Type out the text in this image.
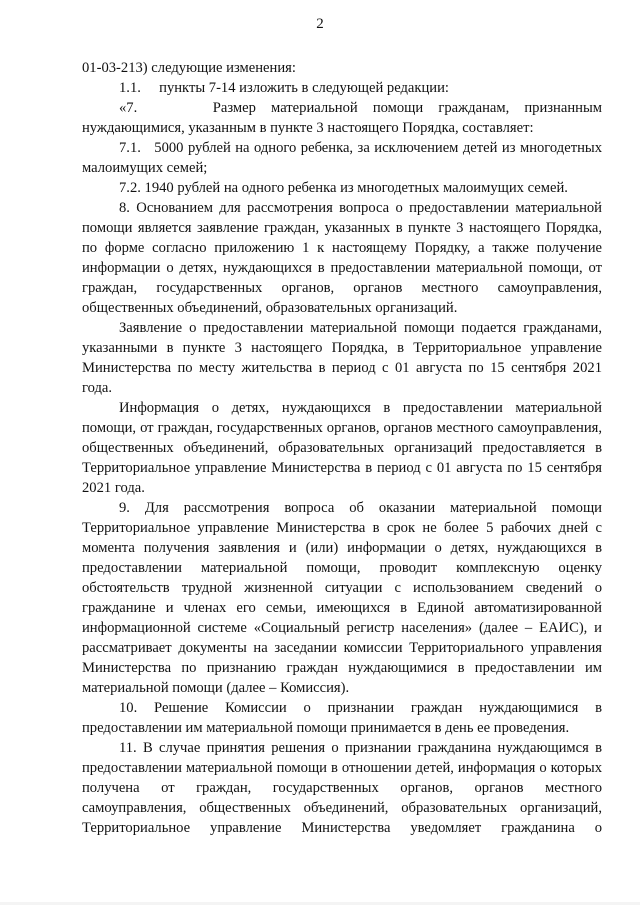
2

01-03-213) следующие изменения:

1.1.     пункты 7-14 изложить в следующей редакции:

«7.     Размер материальной помощи гражданам, признанным нуждающимися, указанным в пункте 3 настоящего Порядка, составляет:

7.1.   5000 рублей на одного ребенка, за исключением детей из многодетных малоимущих семей;

7.2. 1940 рублей на одного ребенка из многодетных малоимущих семей.

8. Основанием для рассмотрения вопроса о предоставлении материальной помощи является заявление граждан, указанных в пункте 3 настоящего Порядка, по форме согласно приложению 1 к настоящему Порядку, а также получение информации о детях, нуждающихся в предоставлении материальной помощи, от граждан, государственных органов, органов местного самоуправления, общественных объединений, образовательных организаций.

Заявление о предоставлении материальной помощи подается гражданами, указанными в пункте 3 настоящего Порядка, в Территориальное управление Министерства по месту жительства в период с 01 августа по 15 сентября 2021 года.

Информация о детях, нуждающихся в предоставлении материальной помощи, от граждан, государственных органов, органов местного самоуправления, общественных объединений, образовательных организаций предоставляется в Территориальное управление Министерства в период с 01 августа по 15 сентября 2021 года.

9. Для рассмотрения вопроса об оказании материальной помощи Территориальное управление Министерства в срок не более 5 рабочих дней с момента получения заявления и (или) информации о детях, нуждающихся в предоставлении материальной помощи, проводит комплексную оценку обстоятельств трудной жизненной ситуации с использованием сведений о гражданине и членах его семьи, имеющихся в Единой автоматизированной информационной системе «Социальный регистр населения» (далее – ЕАИС), и рассматривает документы на заседании комиссии Территориального управления Министерства по признанию граждан нуждающимися в предоставлении им материальной помощи (далее – Комиссия).

10. Решение Комиссии о признании граждан нуждающимися в предоставлении им материальной помощи принимается в день ее проведения.

11. В случае принятия решения о признании гражданина нуждающимся в предоставлении материальной помощи в отношении детей, информация о которых получена от граждан, государственных органов, органов местного самоуправления, общественных объединений, образовательных организаций, Территориальное управление Министерства уведомляет гражданина о
